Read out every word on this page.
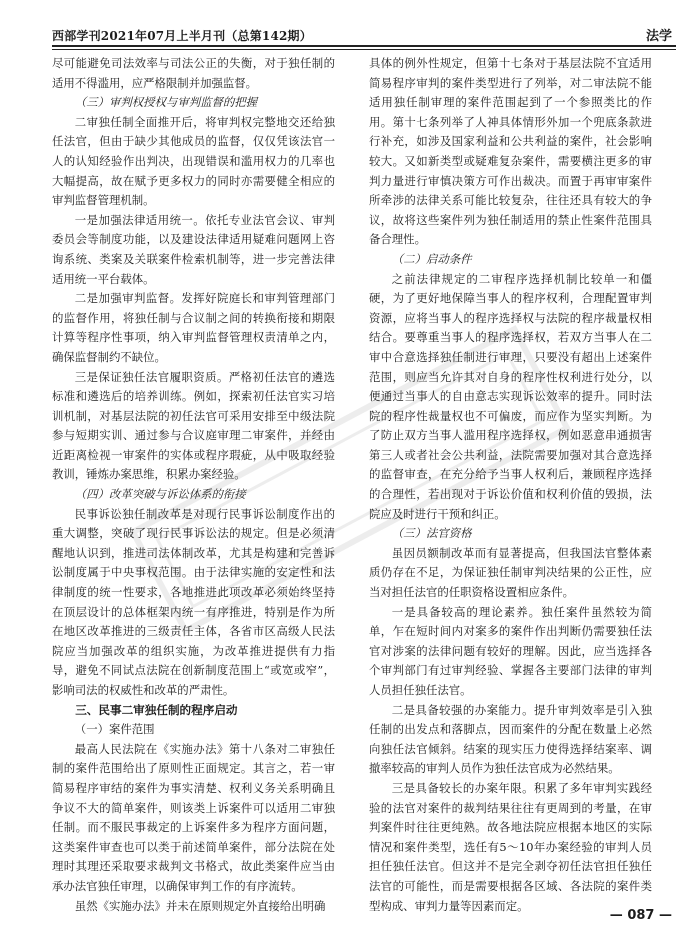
西部学刊2021年07月上半月刊（总第142期）	法学

尽可能避免司法效率与司法公正的失衡，对于独任制的适用不得滥用，应严格限制并加强监督。

（三）审判权授权与审判监督的把握

二审独任制全面推开后，将审判权完整地交还给独任法官，但由于缺少其他成员的监督，仅仅凭该法官一人的认知经验作出判决，出现错误和滥用权力的几率也大幅提高，故在赋予更多权力的同时亦需要健全相应的审判监督管理机制。

一是加强法律适用统一。依托专业法官会议、审判委员会等制度功能，以及建设法律适用疑难问题网上咨询系统、类案及关联案件检索机制等，进一步完善法律适用统一平台载体。

二是加强审判监督。发挥好院庭长和审判管理部门的监督作用，将独任制与合议制之间的转换衔接和期限计算等程序性事项，纳入审判监督管理权责清单之内，确保监督制约不缺位。

三是保证独任法官履职资质。严格初任法官的遴选标准和遴选后的培养训练。例如，探索初任法官实习培训机制，对基层法院的初任法官可采用安排至中级法院参与短期实训、通过参与合议庭审理二审案件，并经由近距离检视一审案件的实体或程序瑕疵，从中吸取经验教训，锤炼办案思维，积累办案经验。

（四）改革突破与诉讼体系的衔接

民事诉讼独任制改革是对现行民事诉讼制度作出的重大调整，突破了现行民事诉讼法的规定。但是必须清醒地认识到，推进司法体制改革，尤其是构建和完善诉讼制度属于中央事权范围。由于法律实施的安定性和法律制度的统一性要求，各地推进此项改革必须始终坚持在顶层设计的总体框架内统一有序推进，特别是作为所在地区改革推进的三级责任主体，各省市区高级人民法院应当加强改革的组织实施，为改革推进提供有力指导，避免不同试点法院在创新制度范围上“或宽或窄”，影响司法的权威性和改革的严肃性。

三、民事二审独任制的程序启动

（一）案件范围

最高人民法院在《实施办法》第十八条对二审独任制的案件范围给出了原则性正面规定。其言之，若一审简易程序审结的案件为事实清楚、权利义务关系明确且争议不大的简单案件，则该类上诉案件可以适用二审独任制。而不服民事裁定的上诉案件多为程序方面问题，这类案件审查也可以类于前述简单案件，部分法院在处理时其理还采取要求裁判文书格式，故此类案件应当由承办法官独任审理，以确保审判工作的有序流转。

虽然《实施办法》并未在原则规定外直接给出明确

具体的例外性规定，但第十七条对于基层法院不宜适用简易程序审判的案件类型进行了列举，对二审法院不能适用独任制审理的案件范围起到了一个参照类比的作用。第十七条列举了人神具体情形外加一个兜底条款进行补充，如涉及国家利益和公共利益的案件，社会影响较大。又如新类型或疑难复杂案件，需要横注更多的审判力量进行审慎决策方可作出裁决。而置于再审审案件所牵涉的法律关系可能比较复杂，往往还具有较大的争议，故将这些案件列为独任制适用的禁止性案件范围具备合理性。

（二）启动条件

之前法律规定的二审程序选择机制比较单一和僵硬，为了更好地保障当事人的程序权利，合理配置审判资源，应将当事人的程序选择权与法院的程序裁量权相结合。要尊重当事人的程序选择权，若双方当事人在二审中合意选择独任制进行审理，只要没有超出上述案件范围，则应当允许其对自身的程序性权利进行处分，以便通过当事人的自由意志实现诉讼效率的提升。同时法院的程序性裁量权也不可偏废，而应作为坚实判断。为了防止双方当事人滥用程序选择权，例如恶意串通损害第三人或者社会公共利益，法院需要加强对其合意选择的监督审查，在充分给予当事人权利后，兼顾程序选择的合理性，若出现对于诉讼价值和权利价值的毁损，法院应及时进行干预和纠正。

（三）法官资格

虽因员额制改革而有显著提高，但我国法官整体素质仍存在不足，为保证独任制审判决结果的公正性，应当对担任法官的任职资格设置相应条件。

一是具备较高的理论素养。独任案件虽然较为简单，乍在短时间内对案多的案件作出判断仍需要独任法官对涉案的法律问题有较好的理解。因此，应当选择各个审判部门有过审判经验、掌握各主要部门法律的审判人员担任独任法官。

二是具备较强的办案能力。提升审判效率是引入独任制的出发点和落脚点，因而案件的分配在数量上必然向独任法官倾斜。结案的现实压力使得选择结案率、调撤率较高的审判人员作为独任法官成为必然结果。

三是具备较长的办案年限。积累了多年审判实践经验的法官对案件的裁判结果往往有更周到的考量，在审判案件时往往更纯熟。故各地法院应根据本地区的实际情况和案件类型，选任有5～10年办案经验的审判人员担任独任法官。但这并不是完全剥夺初任法官担任独任法官的可能性，而是需要根据各区域、各法院的案件类型构成、审判力量等因素而定。

— 087 —
